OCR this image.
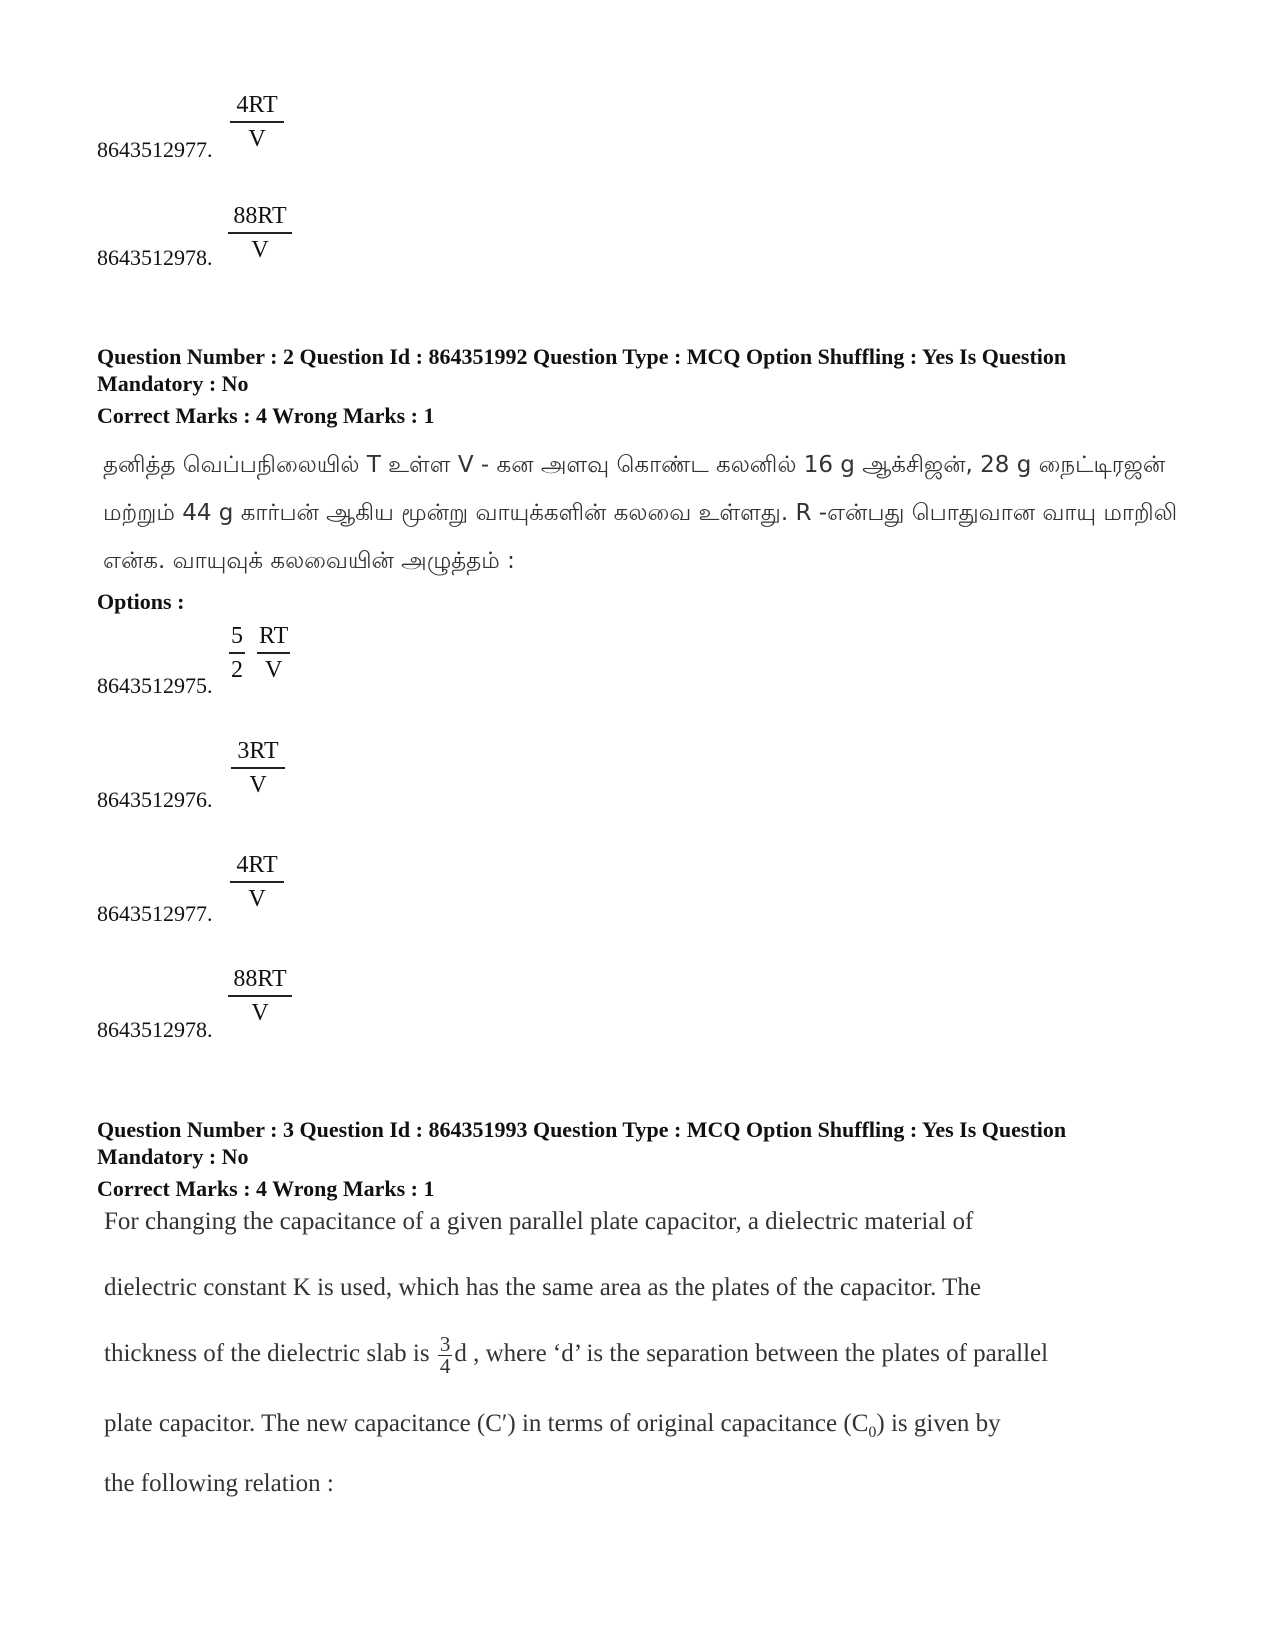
$\frac{4RT}{V}$
8643512977.
$\frac{88RT}{V}$
8643512978.
Question Number : 2 Question Id : 864351992 Question Type : MCQ Option Shuffling : Yes Is Question
Mandatory : No
Correct Marks : 4 Wrong Marks : 1
தனித்த வெப்பநிலையில் T உள்ள V - கன அளவு கொண்ட கலனில் 16 g ஆக்சிஜன், 28 g நைட்டிரஜன் மற்றும் 44 g கார்பன் ஆகிய மூன்று வாயுக்களின் கலவை உள்ளது. R -என்பது பொதுவான வாயு மாறிலி என்க. வாயுவுக் கலவையின் அழுத்தம் :
Options :
$\frac{5}{2} \frac{RT}{V}$
8643512975.
$\frac{3RT}{V}$
8643512976.
$\frac{4RT}{V}$
8643512977.
$\frac{88RT}{V}$
8643512978.
Question Number : 3 Question Id : 864351993 Question Type : MCQ Option Shuffling : Yes Is Question
Mandatory : No
Correct Marks : 4 Wrong Marks : 1
For changing the capacitance of a given parallel plate capacitor, a dielectric material of
dielectric constant K is used, which has the same area as the plates of the capacitor. The
thickness of the dielectric slab is $\frac{3}{4}$ d , where ‘d’ is the separation between the plates of parallel
plate capacitor. The new capacitance (C′) in terms of original capacitance $(C_0)$ is given by
the following relation :
